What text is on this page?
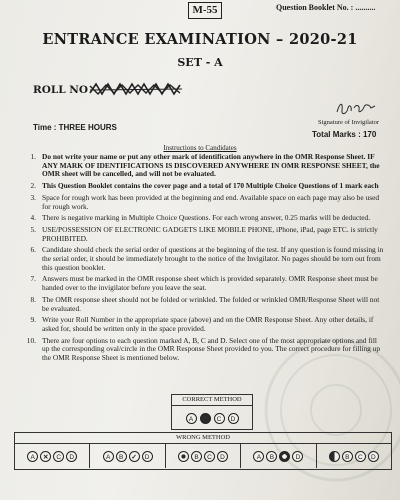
M-55	Question Booklet No. : ..........
ENTRANCE EXAMINATION – 2020-21
SET - A
ROLL NO
Signature of Invigilator
Time : THREE HOURS
Total Marks : 170
Instructions to Candidates
1. Do not write your name or put any other mark of identification anywhere in the OMR Response Sheet. IF ANY MARK OF IDENTIFICATIONS IS DISCOVERED ANYWHERE IN OMR RESPONSE SHEET, the OMR sheet will be cancelled, and will not be evaluated.
2. This Question Booklet contains the cover page and a total of 170 Multiple Choice Questions of 1 mark each
3. Space for rough work has been provided at the beginning and end. Available space on each page may also be used for rough work.
4. There is negative marking in Multiple Choice Questions. For each wrong answer, 0.25 marks will be deducted.
5. USE/POSSESSION OF ELECTRONIC GADGETS LIKE MOBILE PHONE, iPhone, iPad, page ETC. is strictly PROHIBITED.
6. Candidate should check the serial order of questions at the beginning of the test. If any question is found missing in the serial order, it should be immediately brought to the notice of the Invigilator. No pages should be torn out from this question booklet.
7. Answers must be marked in the OMR response sheet which is provided separately. OMR Response sheet must be handed over to the invigilator before you leave the seat.
8. The OMR response sheet should not be folded or wrinkled. The folded or wrinkled OMR/Response Sheet will not be evaluated.
9. Write your Roll Number in the appropriate space (above) and on the OMR Response Sheet. Any other details, if asked for, should be written only in the space provided.
10. There are four options to each question marked A, B, C and D. Select one of the most appropriate options and fill up the corresponding oval/circle in the OMR Response Sheet provided to you. The correct procedure for filling up the OMR Response Sheet is mentioned below.
CORRECT METHOD
A	B	C	D
WRONG METHOD
A	✕	C	D	A	B	✓	D	B	C	D	A	B	D	B	C	D
